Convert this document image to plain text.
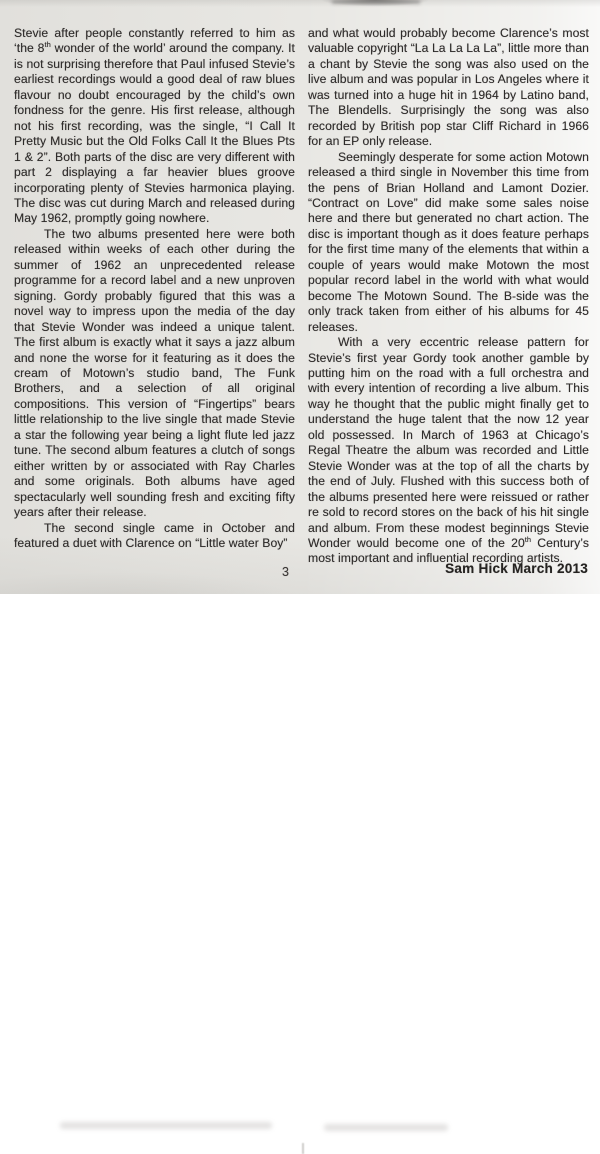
Stevie after people constantly referred to him as ‘the 8th wonder of the world’ around the company. It is not surprising therefore that Paul infused Stevie’s earliest recordings would a good deal of raw blues flavour no doubt encouraged by the child’s own fondness for the genre. His first release, although not his first recording, was the single, “I Call It Pretty Music but the Old Folks Call It the Blues Pts 1 & 2”. Both parts of the disc are very different with part 2 displaying a far heavier blues groove incorporating plenty of Stevies harmonica playing. The disc was cut during March and released during May 1962, promptly going nowhere.

The two albums presented here were both released within weeks of each other during the summer of 1962 an unprecedented release programme for a record label and a new unproven signing. Gordy probably figured that this was a novel way to impress upon the media of the day that Stevie Wonder was indeed a unique talent. The first album is exactly what it says a jazz album and none the worse for it featuring as it does the cream of Motown’s studio band, The Funk Brothers, and a selection of all original compositions. This version of “Fingertips” bears little relationship to the live single that made Stevie a star the following year being a light flute led jazz tune. The second album features a clutch of songs either written by or associated with Ray Charles and some originals. Both albums have aged spectacularly well sounding fresh and exciting fifty years after their release.

The second single came in October and featured a duet with Clarence on “Little water Boy”

and what would probably become Clarence’s most valuable copyright “La La La La La”, little more than a chant by Stevie the song was also used on the live album and was popular in Los Angeles where it was turned into a huge hit in 1964 by Latino band, The Blendells. Surprisingly the song was also recorded by British pop star Cliff Richard in 1966 for an EP only release.

Seemingly desperate for some action Motown released a third single in November this time from the pens of Brian Holland and Lamont Dozier. “Contract on Love” did make some sales noise here and there but generated no chart action. The disc is important though as it does feature perhaps for the first time many of the elements that within a couple of years would make Motown the most popular record label in the world with what would become The Motown Sound. The B-side was the only track taken from either of his albums for 45 releases.

With a very eccentric release pattern for Stevie’s first year Gordy took another gamble by putting him on the road with a full orchestra and with every intention of recording a live album. This way he thought that the public might finally get to understand the huge talent that the now 12 year old possessed. In March of 1963 at Chicago’s Regal Theatre the album was recorded and Little Stevie Wonder was at the top of all the charts by the end of July. Flushed with this success both of the albums presented here were reissued or rather re sold to record stores on the back of his hit single and album. From these modest beginnings Stevie Wonder would become one of the 20th Century’s most important and influential recording artists.

3	Sam Hick March 2013
